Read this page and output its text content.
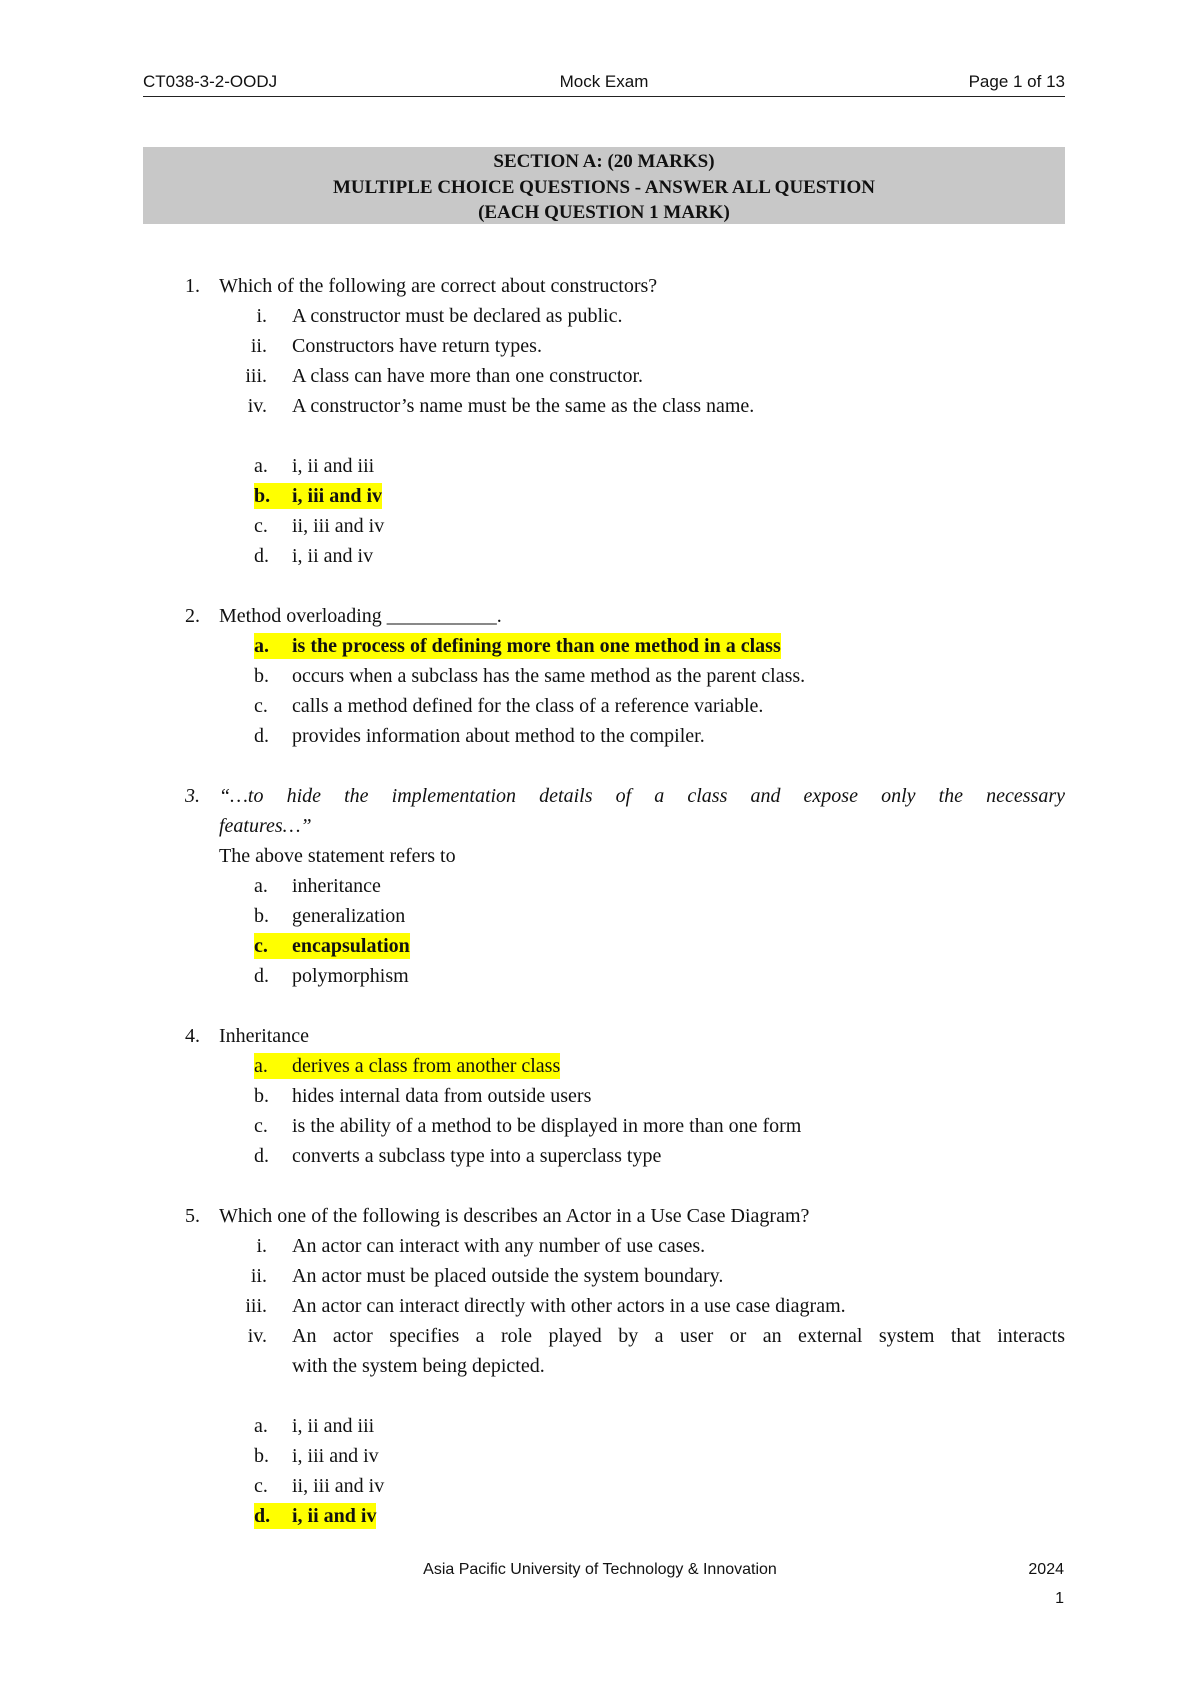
CT038-3-2-OODJ	Mock Exam	Page 1 of 13
SECTION A: (20 MARKS)
MULTIPLE CHOICE QUESTIONS - ANSWER ALL QUESTION
(EACH QUESTION 1 MARK)
1. Which of the following are correct about constructors?
i. A constructor must be declared as public.
ii. Constructors have return types.
iii. A class can have more than one constructor.
iv. A constructor’s name must be the same as the class name.
a. i, ii and iii
b.	i, iii and iv
c. ii, iii and iv
d. i, ii and iv
2. Method overloading ___________.
a.	is the process of defining more than one method in a class
b. occurs when a subclass has the same method as the parent class.
c. calls a method defined for the class of a reference variable.
d. provides information about method to the compiler.
3. “…to hide the implementation details of a class and expose only the necessary
features…”
The above statement refers to
a. inheritance
b. generalization
c.	encapsulation
d. polymorphism
4. Inheritance
a.	derives a class from another class
b. hides internal data from outside users
c. is the ability of a method to be displayed in more than one form
d. converts a subclass type into a superclass type
5. Which one of the following is describes an Actor in a Use Case Diagram?
i. An actor can interact with any number of use cases.
ii. An actor must be placed outside the system boundary.
iii. An actor can interact directly with other actors in a use case diagram.
iv. An actor specifies a role played by a user or an external system that interacts
with the system being depicted.
a. i, ii and iii
b. i, iii and iv
c. ii, iii and iv
d.	i, ii and iv
Asia Pacific University of Technology & Innovation	2024
1
